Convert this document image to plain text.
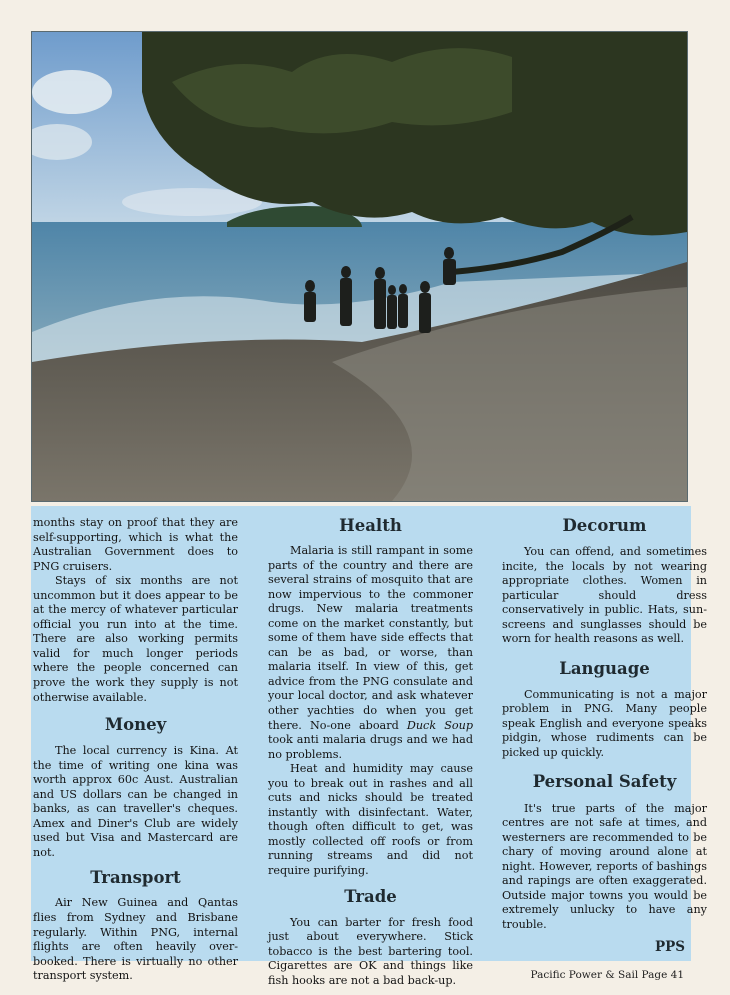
months stay on proof that they are self-supporting, which is what the Australian Government does to PNG cruisers.

Stays of six months are not uncommon but it does appear to be at the mercy of whatever particular official you run into at the time. There are also working permits valid for much longer periods where the people concerned can prove the work they supply is not otherwise available.

Money

The local currency is Kina. At the time of writing one kina was worth approx 60c Aust. Australian and US dollars can be changed in banks, as can traveller's cheques. Amex and Diner's Club are widely used but Visa and Mastercard are not.

Transport

Air New Guinea and Qantas flies from Sydney and Brisbane regularly. Within PNG, internal flights are often heavily over-booked. There is virtually no other transport system.

Health

Malaria is still rampant in some parts of the country and there are several strains of mosquito that are now impervious to the commoner drugs. New malaria treatments come on the market constantly, but some of them have side effects that can be as bad, or worse, than malaria itself. In view of this, get advice from the PNG consulate and your local doctor, and ask whatever other yachties do when you get there. No-one aboard Duck Soup took anti malaria drugs and we had no problems.

Heat and humidity may cause you to break out in rashes and all cuts and nicks should be treated instantly with disinfectant. Water, though often difficult to get, was mostly collected off roofs or from running streams and did not require purifying.

Trade

You can barter for fresh food just about everywhere. Stick tobacco is the best bartering tool. Cigarettes are OK and things like fish hooks are not a bad back-up.

Decorum

You can offend, and sometimes incite, the locals by not wearing appropriate clothes. Women in particular should dress conservatively in public. Hats, sun-screens and sunglasses should be worn for health reasons as well.

Language

Communicating is not a major problem in PNG. Many people speak English and everyone speaks pidgin, whose rudiments can be picked up quickly.

Personal Safety

It's true parts of the major centres are not safe at times, and westerners are recommended to be chary of moving around alone at night. However, reports of bashings and rapings are often exaggerated. Outside major towns you would be extremely unlucky to have any trouble.

PPS
Pacific Power & Sail Page 41
